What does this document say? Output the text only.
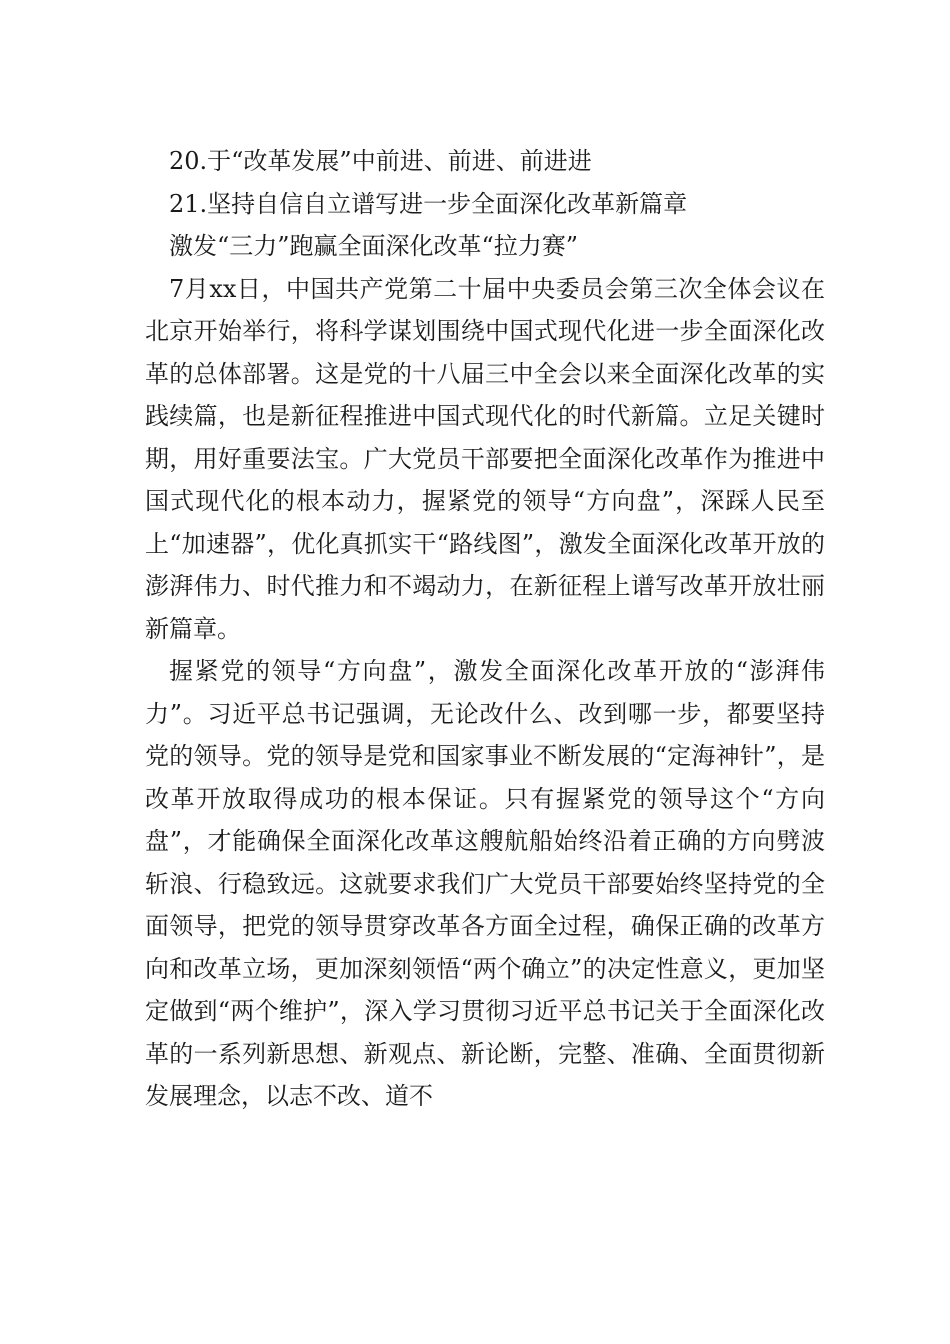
20.于“改革发展”中前进、前进、前进进

21.坚持自信自立谱写进一步全面深化改革新篇章

激发“三力”跑赢全面深化改革“拉力赛”

7月xx日，中国共产党第二十届中央委员会第三次全体会议在北京开始举行，将科学谋划围绕中国式现代化进一步全面深化改革的总体部署。这是党的十八届三中全会以来全面深化改革的实践续篇，也是新征程推进中国式现代化的时代新篇。立足关键时期，用好重要法宝。广大党员干部要把全面深化改革作为推进中国式现代化的根本动力，握紧党的领导“方向盘”，深踩人民至上“加速器”，优化真抓实干“路线图”，激发全面深化改革开放的澎湃伟力、时代推力和不竭动力，在新征程上谱写改革开放壮丽新篇章。

握紧党的领导“方向盘”，激发全面深化改革开放的“澎湃伟力”。习近平总书记强调，无论改什么、改到哪一步，都要坚持党的领导。党的领导是党和国家事业不断发展的“定海神针”，是改革开放取得成功的根本保证。只有握紧党的领导这个“方向盘”，才能确保全面深化改革这艘航船始终沿着正确的方向劈波斩浪、行稳致远。这就要求我们广大党员干部要始终坚持党的全面领导，把党的领导贯穿改革各方面全过程，确保正确的改革方向和改革立场，更加深刻领悟“两个确立”的决定性意义，更加坚定做到“两个维护”，深入学习贯彻习近平总书记关于全面深化改革的一系列新思想、新观点、新论断，完整、准确、全面贯彻新发展理念，以志不改、道不
